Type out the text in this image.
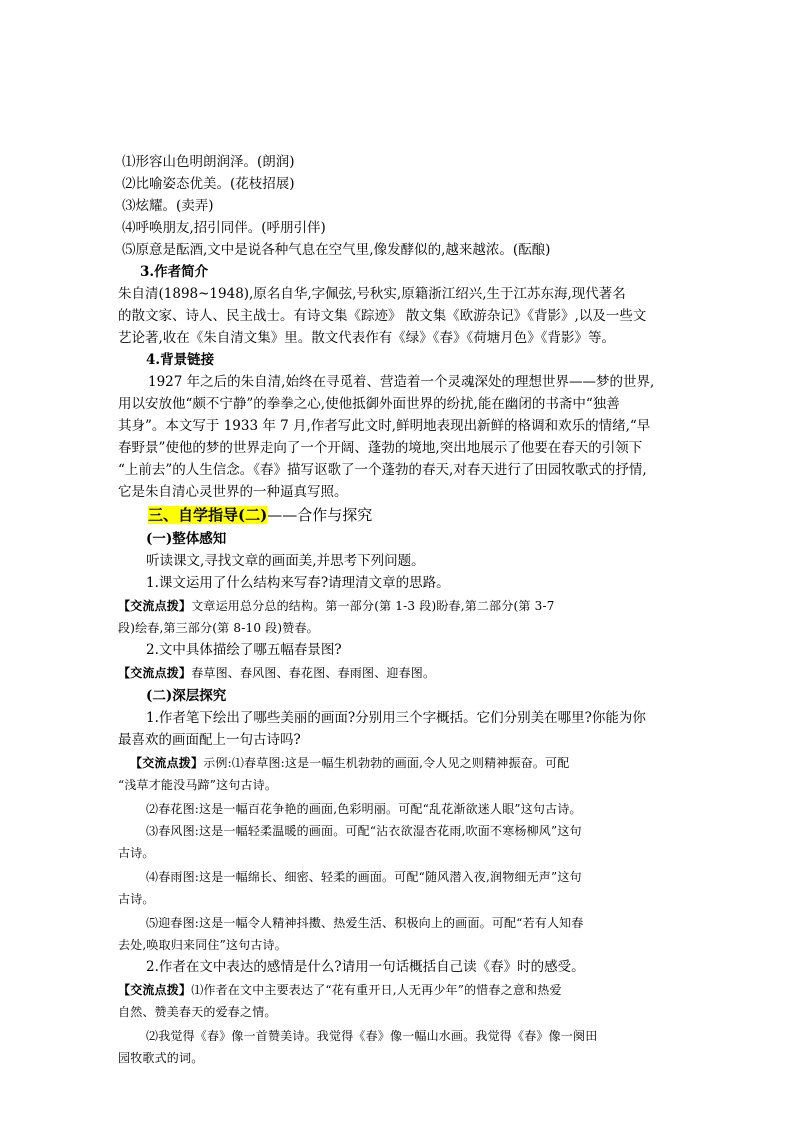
⑴形容山色明朗润泽。(朗润)
⑵比喻姿态优美。(花枝招展)
⑶炫耀。(卖弄)
⑷呼唤朋友,招引同伴。(呼朋引伴)
⑸原意是酝酒,文中是说各种气息在空气里,像发酵似的,越来越浓。(酝酿)
3.作者简介
朱自清(1898~1948),原名自华,字佩弦,号秋实,原籍浙江绍兴,生于江苏东海,现代著名
的散文家、诗人、民主战士。有诗文集《踪迹》 散文集《欧游杂记》《背影》,以及一些文
艺论著,收在《朱自清文集》里。散文代表作有《绿》《春》《荷塘月色》《背影》等。
4.背景链接
1927 年之后的朱自清,始终在寻觅着、营造着一个灵魂深处的理想世界——梦的世界,
用以安放他“颇不宁静”的拳拳之心,使他抵御外面世界的纷扰,能在幽闭的书斋中“独善
其身”。本文写于 1933 年 7 月,作者写此文时,鲜明地表现出新鲜的格调和欢乐的情绪,“早
春野景”使他的梦的世界走向了一个开阔、蓬勃的境地,突出地展示了他要在春天的引领下
“上前去”的人生信念。《春》描写讴歌了一个蓬勃的春天,对春天进行了田园牧歌式的抒情,
它是朱自清心灵世界的一种逼真写照。
三、自学指导(二)——合作与探究
(一)整体感知
听读课文,寻找文章的画面美,并思考下列问题。
1.课文运用了什么结构来写春?请理清文章的思路。
【交流点拨】文章运用总分总的结构。第一部分(第 1-3 段)盼春,第二部分(第 3-7
段)绘春,第三部分(第 8-10 段)赞春。
2.文中具体描绘了哪五幅春景图?
【交流点拨】春草图、春风图、春花图、春雨图、迎春图。
(二)深层探究
1.作者笔下绘出了哪些美丽的画面?分别用三个字概括。它们分别美在哪里?你能为你
最喜欢的画面配上一句古诗吗?
【交流点拨】示例:⑴春草图:这是一幅生机勃勃的画面,令人见之则精神振奋。可配
“浅草才能没马蹄”这句古诗。
⑵春花图:这是一幅百花争艳的画面,色彩明丽。可配“乱花渐欲迷人眼”这句古诗。
⑶春风图:这是一幅轻柔温暖的画面。可配“沾衣欲湿杏花雨,吹面不寒杨柳风”这句
古诗。
⑷春雨图:这是一幅绵长、细密、轻柔的画面。可配“随风潜入夜,润物细无声”这句
古诗。
⑸迎春图:这是一幅令人精神抖擞、热爱生活、积极向上的画面。可配“若有人知春
去处,唤取归来同住”这句古诗。
2.作者在文中表达的感情是什么?请用一句话概括自己读《春》时的感受。
【交流点拨】⑴作者在文中主要表达了“花有重开日,人无再少年”的惜春之意和热爱
自然、赞美春天的爱春之情。
⑵我觉得《春》像一首赞美诗。我觉得《春》像一幅山水画。我觉得《春》像一阕田
园牧歌式的词。
